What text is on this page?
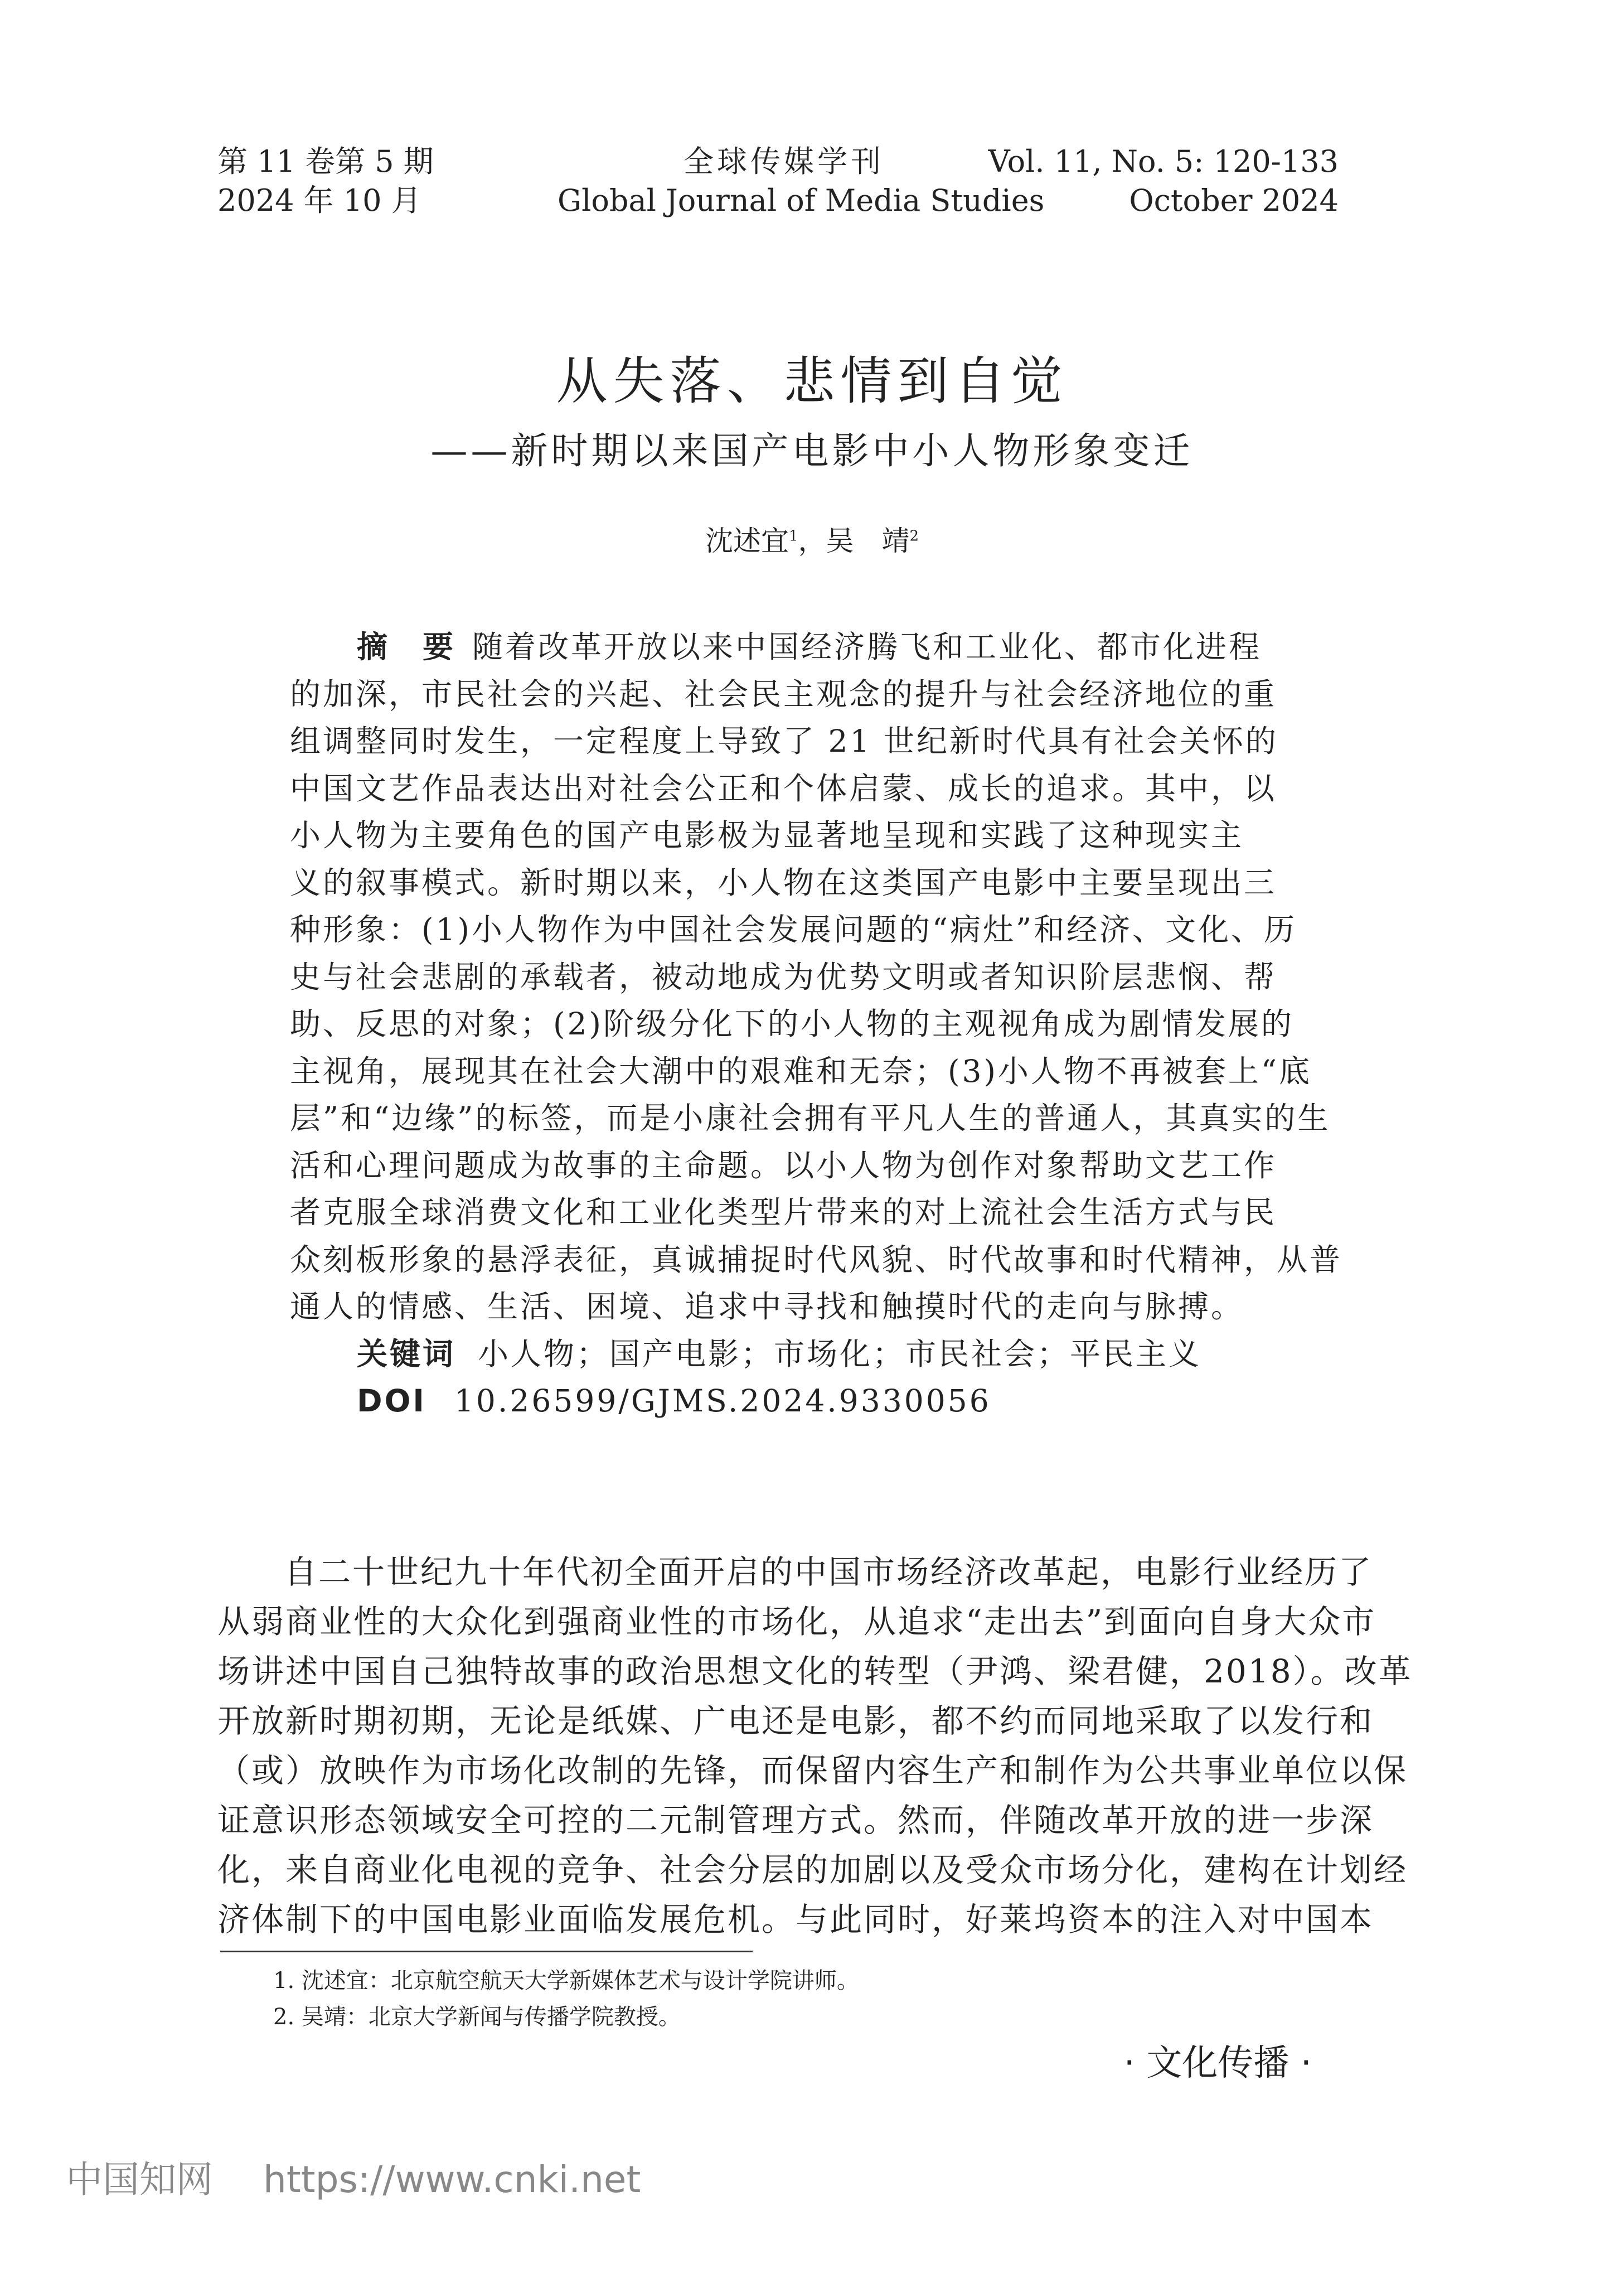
第 11 卷第 5 期
2024 年 10 月
全球传媒学刊
Global Journal of Media Studies
Vol. 11, No. 5: 120-133
October 2024
从失落、悲情到自觉
——新时期以来国产电影中小人物形象变迁
沈述宜$^1$，吴　靖$^2$
摘　要 随着改革开放以来中国经济腾飞和工业化、都市化进程
的加深，市民社会的兴起、社会民主观念的提升与社会经济地位的重
组调整同时发生，一定程度上导致了 21 世纪新时代具有社会关怀的
中国文艺作品表达出对社会公正和个体启蒙、成长的追求。其中，以
小人物为主要角色的国产电影极为显著地呈现和实践了这种现实主
义的叙事模式。新时期以来，小人物在这类国产电影中主要呈现出三
种形象：(1)小人物作为中国社会发展问题的“病灶”和经济、文化、历
史与社会悲剧的承载者，被动地成为优势文明或者知识阶层悲悯、帮
助、反思的对象；(2)阶级分化下的小人物的主观视角成为剧情发展的
主视角，展现其在社会大潮中的艰难和无奈；(3)小人物不再被套上“底
层”和“边缘”的标签，而是小康社会拥有平凡人生的普通人，其真实的生
活和心理问题成为故事的主命题。以小人物为创作对象帮助文艺工作
者克服全球消费文化和工业化类型片带来的对上流社会生活方式与民
众刻板形象的悬浮表征，真诚捕捉时代风貌、时代故事和时代精神，从普
通人的情感、生活、困境、追求中寻找和触摸时代的走向与脉搏。
关键词 小人物；国产电影；市场化；市民社会；平民主义
DOI 10.26599/GJMS.2024.9330056
自二十世纪九十年代初全面开启的中国市场经济改革起，电影行业经历了
从弱商业性的大众化到强商业性的市场化，从追求“走出去”到面向自身大众市
场讲述中国自己独特故事的政治思想文化的转型（尹鸿、梁君健，2018）。改革
开放新时期初期，无论是纸媒、广电还是电影，都不约而同地采取了以发行和
（或）放映作为市场化改制的先锋，而保留内容生产和制作为公共事业单位以保
证意识形态领域安全可控的二元制管理方式。然而，伴随改革开放的进一步深
化，来自商业化电视的竞争、社会分层的加剧以及受众市场分化，建构在计划经
济体制下的中国电影业面临发展危机。与此同时，好莱坞资本的注入对中国本
1. 沈述宜：北京航空航天大学新媒体艺术与设计学院讲师。
2. 吴靖：北京大学新闻与传播学院教授。
· 文化传播 ·
中国知网 https://www.cnki.net
